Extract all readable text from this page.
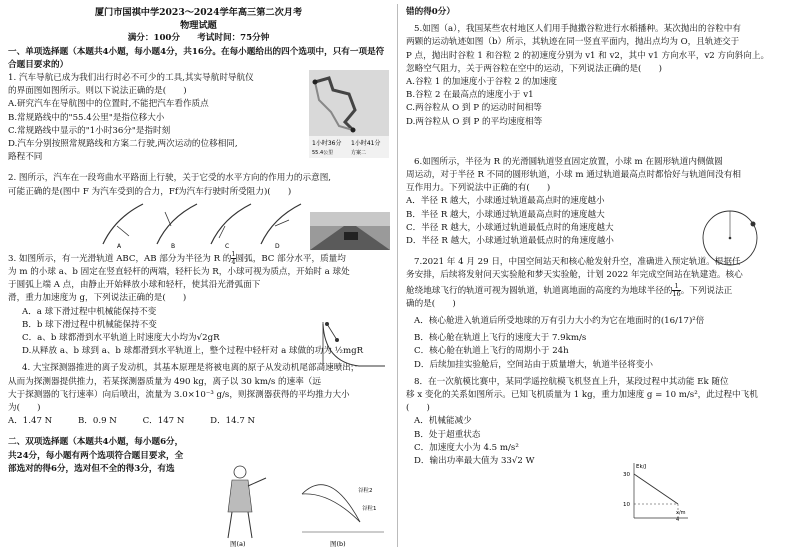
厦门市国祺中学2023～2024学年高三第二次月考

物理试题

满分：100分　　考试时间：75分钟

一、单项选择题（本题共4小题，每小题4分，共16分。在每小题给出的四个选项中，只有一项是符合题目要求的）

1. 汽车导航已成为我们出行时必不可少的工具,其实导航时导航仪

的界面图如图所示。则以下说法正确的是(　　)

A.研究汽车在导航图中的位置时,不能把汽车看作质点

B.常规路线中的"55.4公里"是指位移大小

C.常规路线中显示的"1小时36分"是指时刻

D.汽车分别按照常规路线和方案二行驶,两次运动的位移相同,

路程不同

2. 图所示，汽车在一段弯曲水平路面上行驶，关于它受的水平方向的作用力的示意图,

可能正确的是(图中 F 为汽车受到的合力，Ff为汽车行驶时所受阻力)(　　)

3. 如图所示，有一光滑轨道 ABC，AB 部分为半径为 R 的 $\frac{1}{4}$ 圆弧，BC 部分水平，质量均

为 m 的小球 a、b 固定在竖直轻杆的两端，轻杆长为 R，小球可视为质点，开始时 a 球处

于圆弧上端 A 点，由静止开始释放小球和轻杆，使其沿光滑弧面下

滑，重力加速度为 g，下列说法正确的是(　　)

A．a 球下滑过程中机械能保持不变

B．b 球下滑过程中机械能保持不变

C．a、b 球都滑到水平轨道上时速度大小均为√2gR

D.从释放 a、b 球到 a、b 球都滑到水平轨道上，整个过程中轻杆对 a 球做的功为 ½mgR

4. 大宝探测器推进的离子发动机，其基本原理是将被电离的原子从发动机尾部高速喷出，

从而为探测器提供推力，若某探测器质量为 490 kg，离子以 30 km/s 的速率（远

大于探测器的飞行速率）向后喷出，流量为 3.0×10⁻³ g/s，则探测器获得的平均推力大小

为(　　)

A．1.47 N　　　B．0.9 N　　　C．147 N　　　D．14.7 N

二、双项选择题（本题共4小题，每小题6分，

共24分，每小题有两个选项符合题目要求，全

部选对的得6分，选对但不全的得3分，有选

1小时36分 1小时41分
55.4公里	方案二
A	B	C	D
图(a)
谷粒2
谷粒1
图(b)

错的得0分）

5.如图（a），我国某些农村地区人们用手抛撒谷粒进行水稻播种。某次抛出的谷粒中有

两颗的运动轨迹如图（b）所示，其轨迹在同一竖直平面内，抛出点均为 O，且轨迹交于

P 点，抛出时谷粒 1 和谷粒 2 的初速度分别为 v1 和 v2，其中 v1 方向水平，v2 方向斜向上。

忽略空气阻力，关于两谷粒在空中的运动，下列说法正确的是(　　)

A.谷粒 1 的加速度小于谷粒 2 的加速度

B.谷粒 2 在最高点的速度小于 v1

C.两谷粒从 O 到 P 的运动时间相等

D.两谷粒从 O 到 P 的平均速度相等

6.如图所示，半径为 R 的光滑圆轨道竖直固定放置，小球 m 在圆形轨道内侧做圆

周运动，对于半径 R 不同的圆形轨道，小球 m 通过轨道最高点时都恰好与轨道间没有相

互作用力。下列说法中正确的有(　　)

A．半径 R 越大，小球通过轨道最高点时的速度越小

B．半径 R 越大，小球通过轨道最高点时的速度越大

C．半径 R 越大，小球通过轨道最低点时的角速度越大

D．半径 R 越大，小球通过轨道最低点时的角速度越小

7.2021 年 4 月 29 日，中国空间站天和核心舱发射升空，准确进入预定轨道。根据任

务安排，后续将发射问天实验舱和梦天实验舱，计划 2022 年完成空间站在轨建造。核心

舱绕地球飞行的轨道可视为圆轨道，轨道离地面的高度约为地球半径的 $\frac{1}{16}$ 。下列说法正

确的是(　　)

A．核心舱进入轨道后所受地球的万有引力大小约为它在地面时的(16/17)²倍

B．核心舱在轨道上飞行的速度大于 7.9km/s

C．核心舱在轨道上飞行的周期小于 24h

D．后续加挂实验舱后，空间站由于质量增大，轨道半径将变小

8．在一次航模比赛中，某同学遥控航模飞机竖直上升，某段过程中其动能 Ek 随位

移 x 变化的关系如图所示。已知飞机质量为 1 kg，重力加速度 g = 10 m/s²，此过程中飞机

(　　)

A．机械能减少

B．处于超重状态

C．加速度大小为 4.5 m/s²

D．输出功率最大值为 33√2 W

Ek/J
x/m
30
10
4
